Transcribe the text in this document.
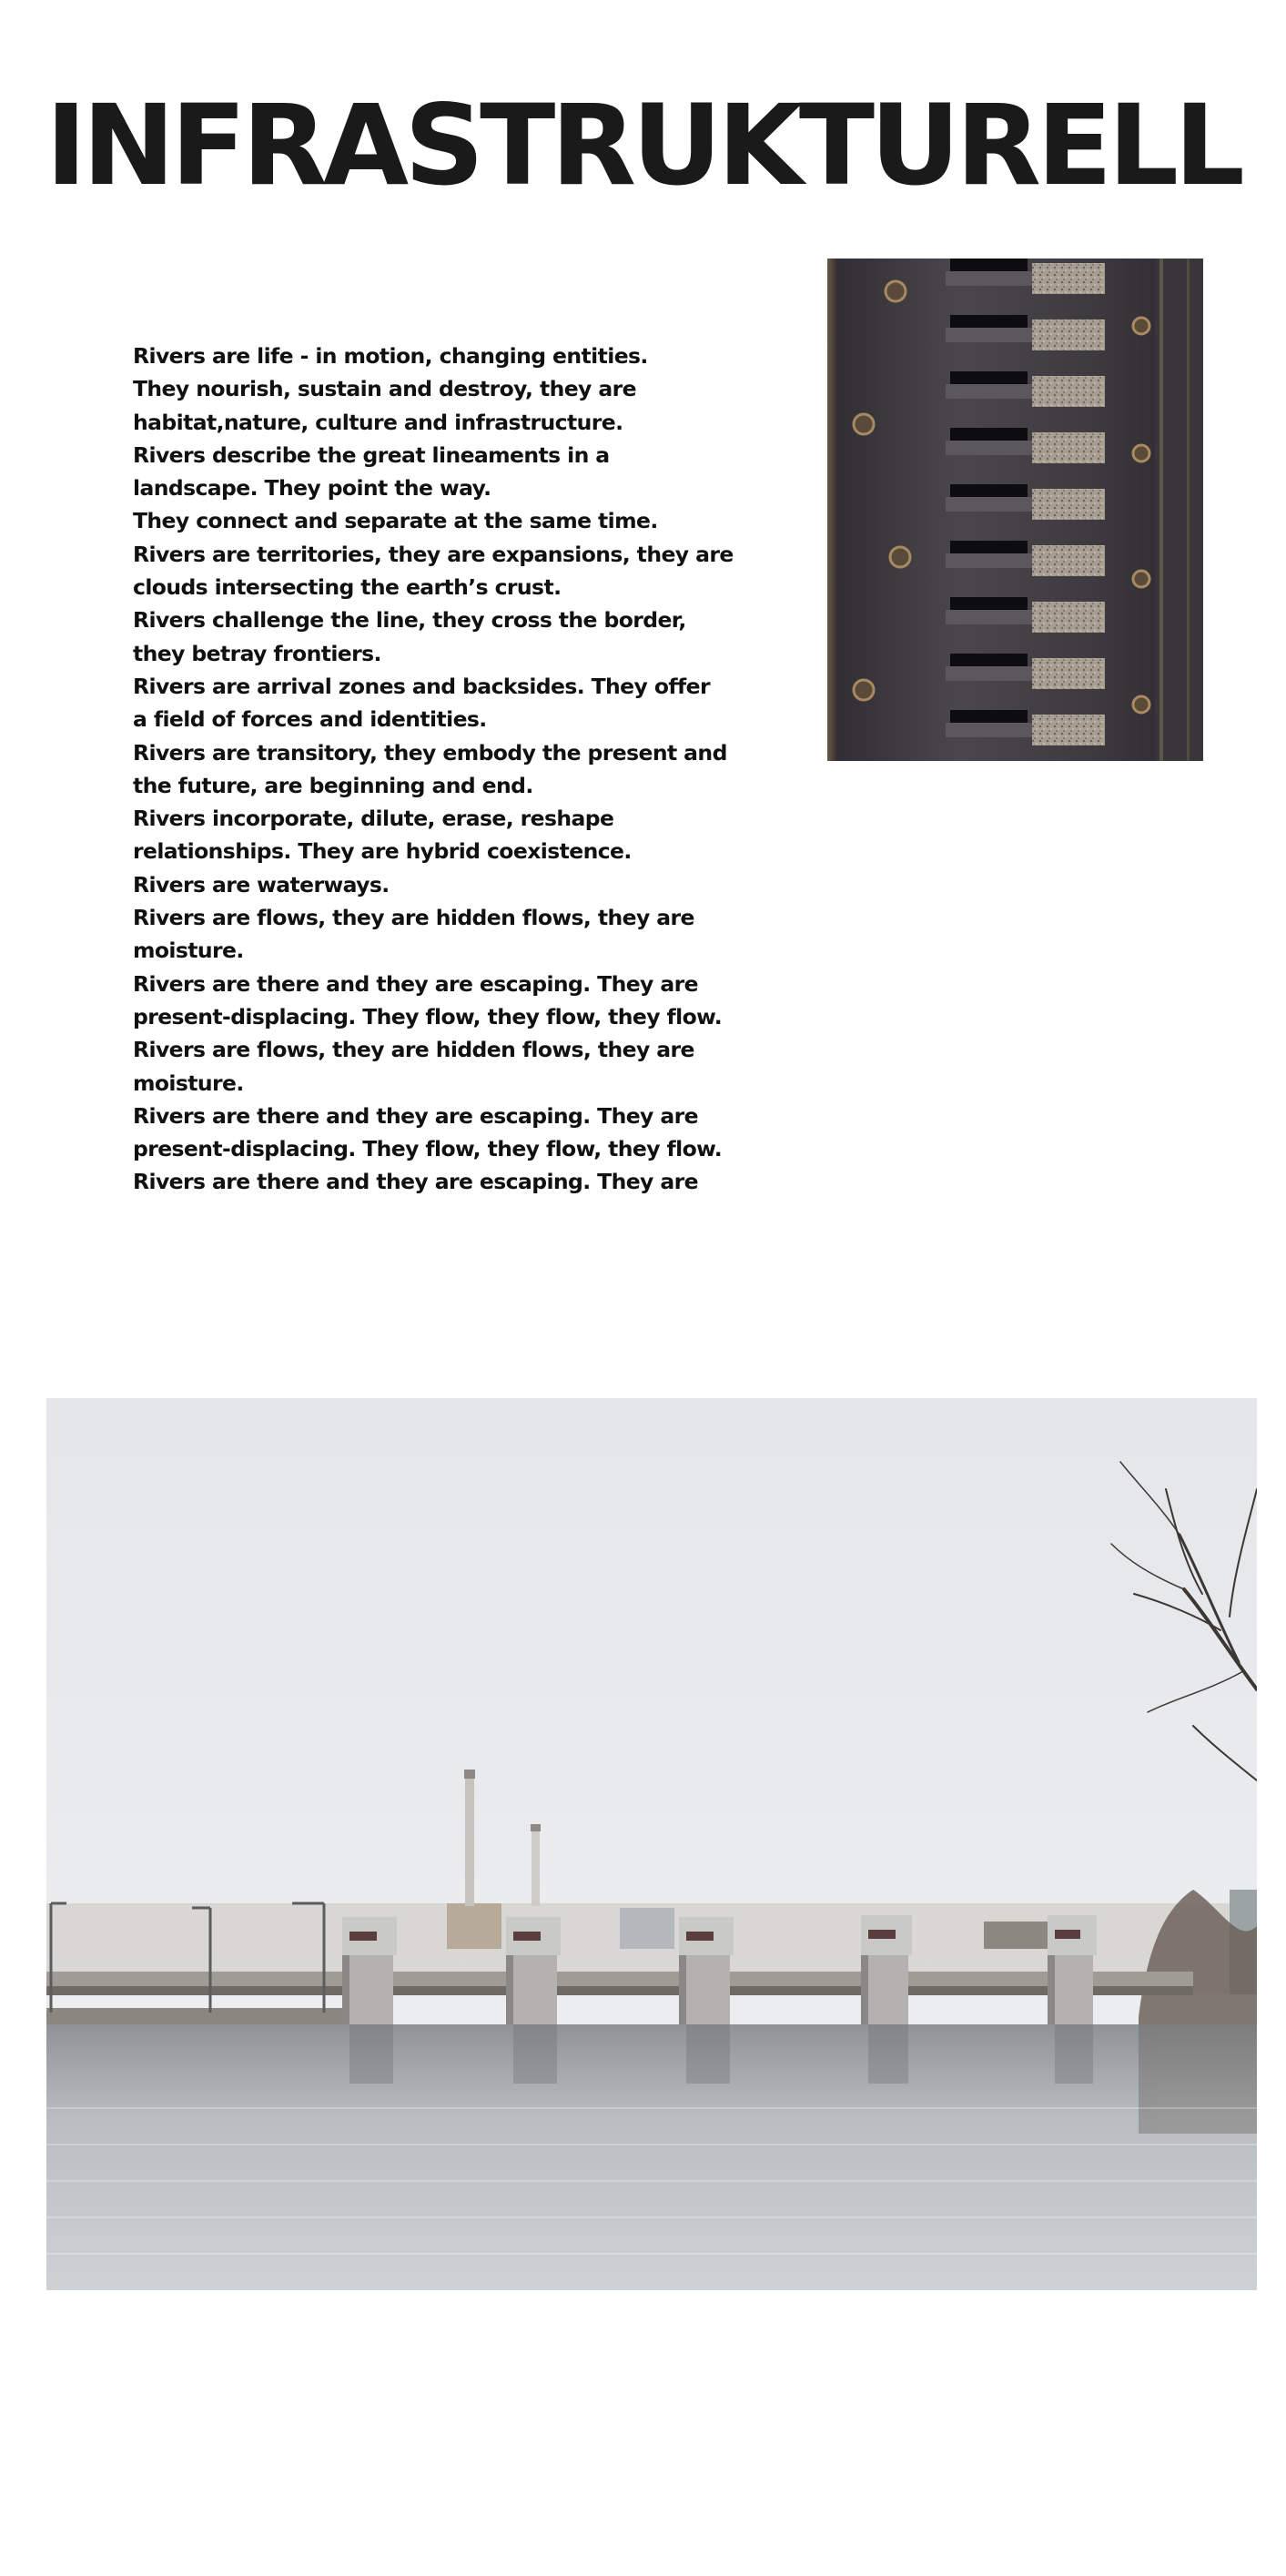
INFRASTRUKTURELL
Rivers are life - in motion, changing entities.
They nourish, sustain and destroy, they are
habitat,nature, culture and infrastructure.
Rivers describe the great lineaments in a
landscape. They point the way.
They connect and separate at the same time.
Rivers are territories, they are expansions, they are
clouds intersecting the earth’s crust.
Rivers challenge the line, they cross the border,
they betray frontiers.
Rivers are arrival zones and backsides. They offer
a field of forces and identities.
Rivers are transitory, they embody the present and
the future, are beginning and end.
Rivers incorporate, dilute, erase, reshape
relationships. They are hybrid coexistence.
Rivers are waterways.
Rivers are flows, they are hidden flows, they are
moisture.
Rivers are there and they are escaping. They are
present-displacing. They flow, they flow, they flow.
Rivers are flows, they are hidden flows, they are
moisture.
Rivers are there and they are escaping. They are
present-displacing. They flow, they flow, they flow.
Rivers are there and they are escaping. They are
